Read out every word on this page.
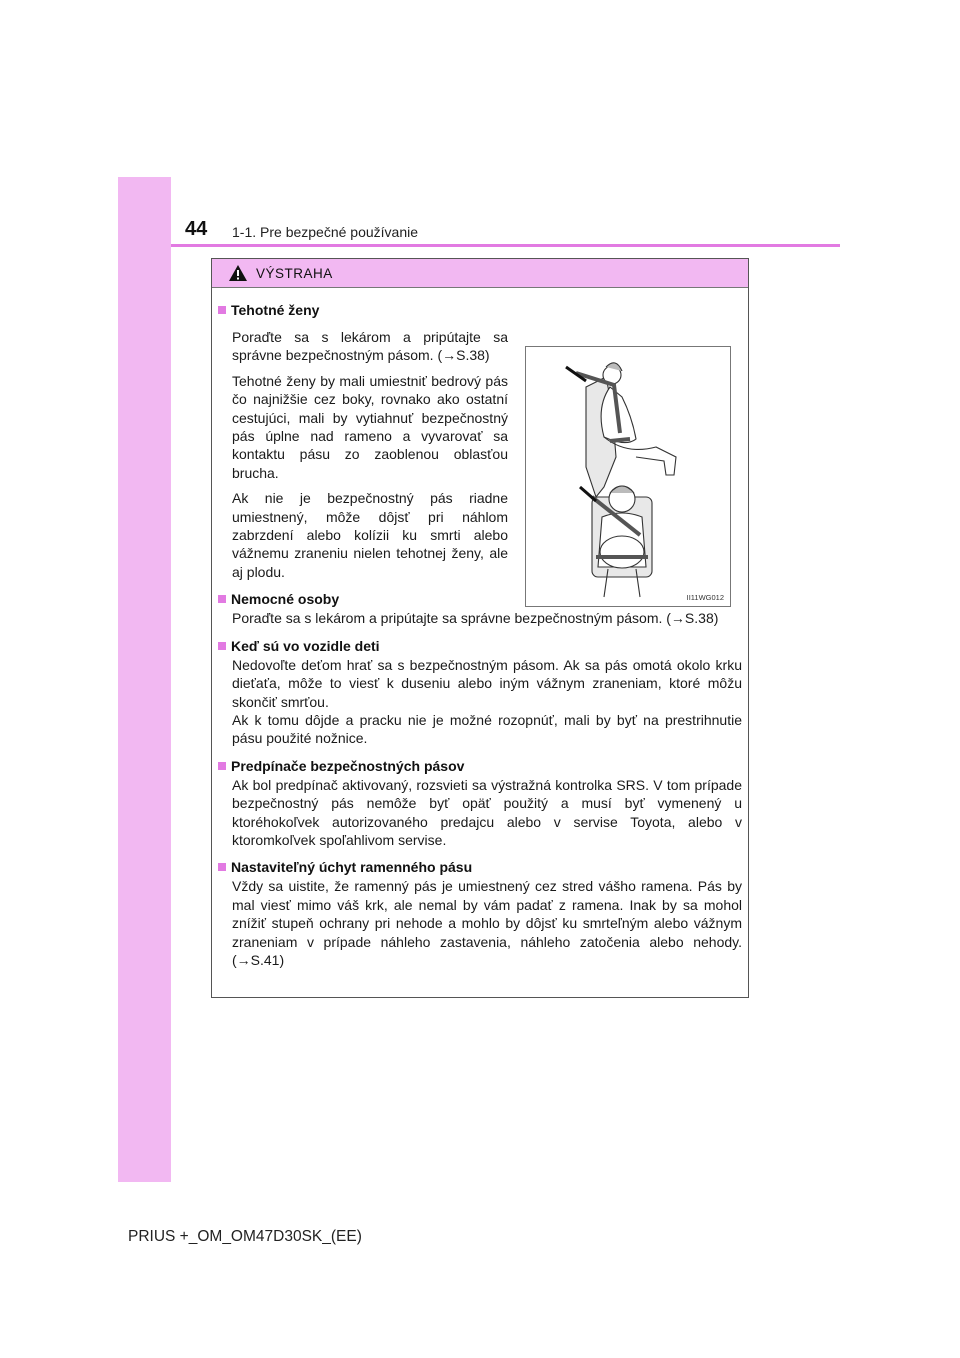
44 1-1. Pre bezpečné používanie
VÝSTRAHA
Tehotné ženy

Poraďte sa s lekárom a pripútajte sa správne bezpečnostným pásom. (→S.38)

Tehotné ženy by mali umiestniť bedrový pás čo najnižšie cez boky, rovnako ako ostatní cestujúci, mali by vytiahnuť bezpečnostný pás úplne nad rameno a vyvarovať sa kontaktu pásu zo zaoblenou oblasťou brucha.

Ak nie je bezpečnostný pás riadne umiestnený, môže dôjsť pri náhlom zabrzdení alebo kolízii ku smrti alebo vážnemu zraneniu nielen tehotnej ženy, ale aj plodu.

II11WG012
Nemocné osoby

Poraďte sa s lekárom a pripútajte sa správne bezpečnostným pásom. (→S.38)

Keď sú vo vozidle deti

Nedovoľte deťom hrať sa s bezpečnostným pásom. Ak sa pás omotá okolo krku dieťaťa, môže to viesť k duseniu alebo iným vážnym zraneniam, ktoré môžu skončiť smrťou.

Ak k tomu dôjde a pracku nie je možné rozopnúť, mali by byť na prestrihnutie pásu použité nožnice.

Predpínače bezpečnostných pásov

Ak bol predpínač aktivovaný, rozsvieti sa výstražná kontrolka SRS. V tom prípade bezpečnostný pás nemôže byť opäť použitý a musí byť vymenený u ktoréhokoľvek autorizovaného predajcu alebo v servise Toyota, alebo v ktoromkoľvek spoľahlivom servise.

Nastaviteľný úchyt ramenného pásu

Vždy sa uistite, že ramenný pás je umiestnený cez stred vášho ramena. Pás by mal viesť mimo váš krk, ale nemal by vám padať z ramena. Inak by sa mohol znížiť stupeň ochrany pri nehode a mohlo by dôjsť ku smrteľným alebo vážnym zraneniam v prípade náhleho zastavenia, náhleho zatočenia alebo nehody. (→S.41)

PRIUS +_OM_OM47D30SK_(EE)
